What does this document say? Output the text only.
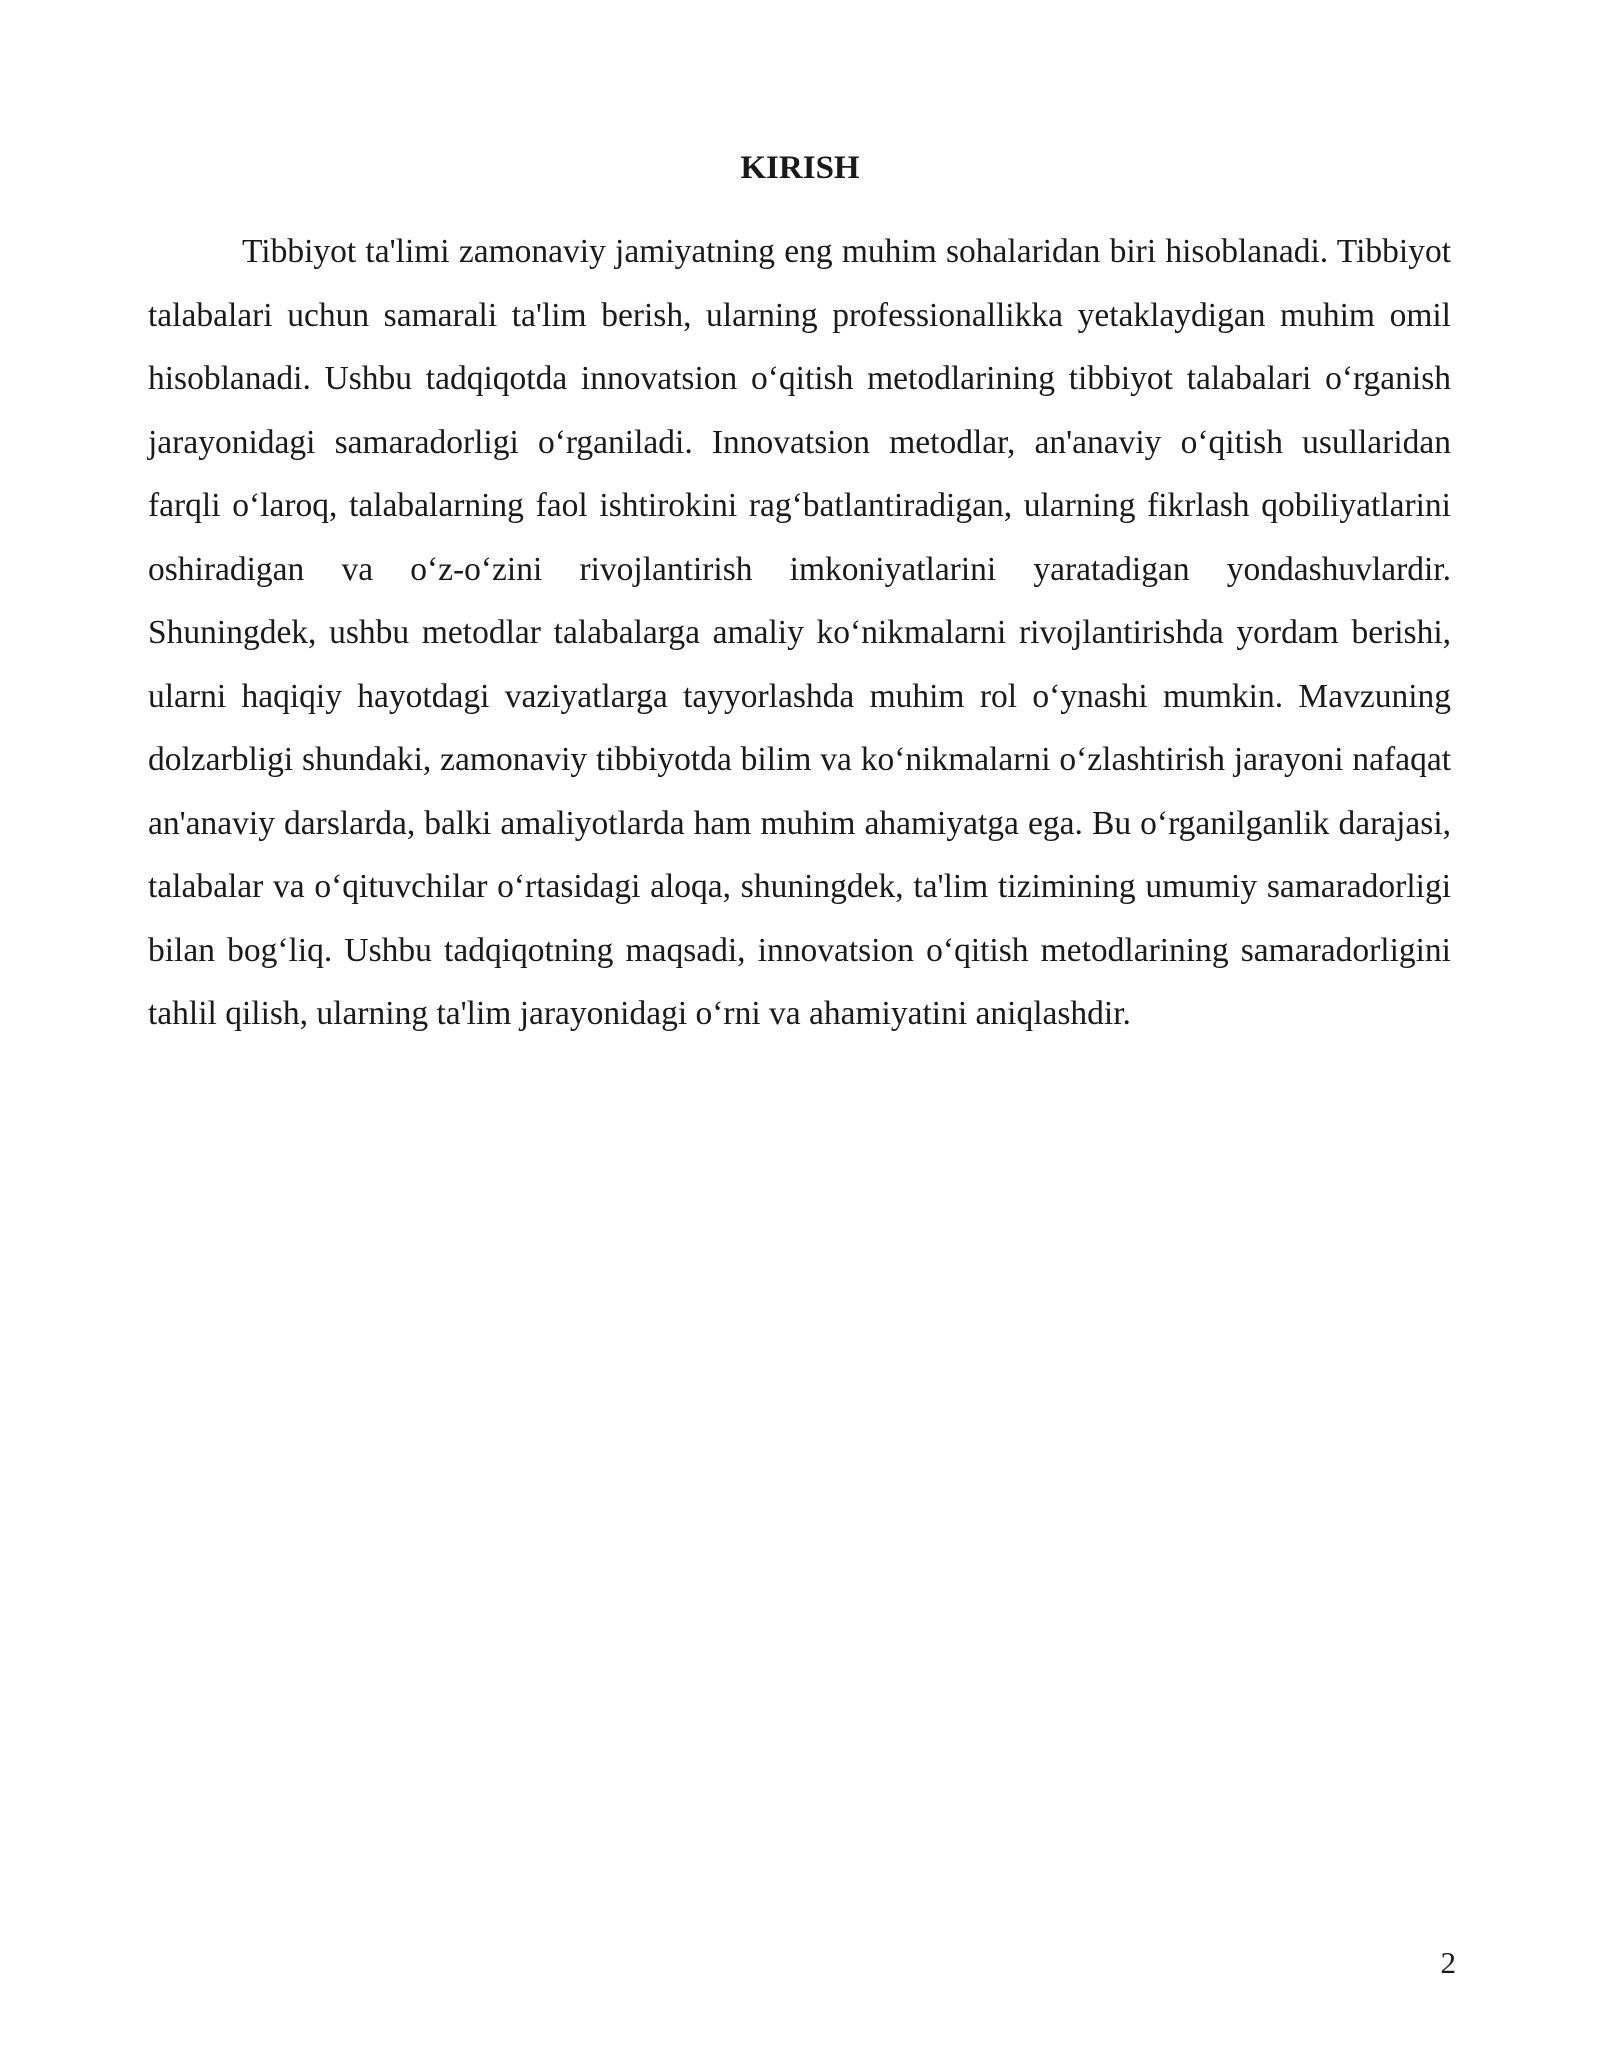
KIRISH

Tibbiyot ta'limi zamonaviy jamiyatning eng muhim sohalaridan biri hisoblanadi. Tibbiyot talabalari uchun samarali ta'lim berish, ularning professionallikka yetaklaydigan muhim omil hisoblanadi. Ushbu tadqiqotda innovatsion o‘qitish metodlarining tibbiyot talabalari o‘rganish jarayonidagi samaradorligi o‘rganiladi. Innovatsion metodlar, an'anaviy o‘qitish usullaridan farqli o‘laroq, talabalarning faol ishtirokini rag‘batlantiradigan, ularning fikrlash qobiliyatlarini oshiradigan va o‘z-o‘zini rivojlantirish imkoniyatlarini yaratadigan yondashuvlardir. Shuningdek, ushbu metodlar talabalarga amaliy ko‘nikmalarni rivojlantirishda yordam berishi, ularni haqiqiy hayotdagi vaziyatlarga tayyorlashda muhim rol o‘ynashi mumkin. Mavzuning dolzarbligi shundaki, zamonaviy tibbiyotda bilim va ko‘nikmalarni o‘zlashtirish jarayoni nafaqat an'anaviy darslarda, balki amaliyotlarda ham muhim ahamiyatga ega. Bu o‘rganilganlik darajasi, talabalar va o‘qituvchilar o‘rtasidagi aloqa, shuningdek, ta'lim tizimining umumiy samaradorligi bilan bog‘liq. Ushbu tadqiqotning maqsadi, innovatsion o‘qitish metodlarining samaradorligini tahlil qilish, ularning ta'lim jarayonidagi o‘rni va ahamiyatini aniqlashdir.

2
